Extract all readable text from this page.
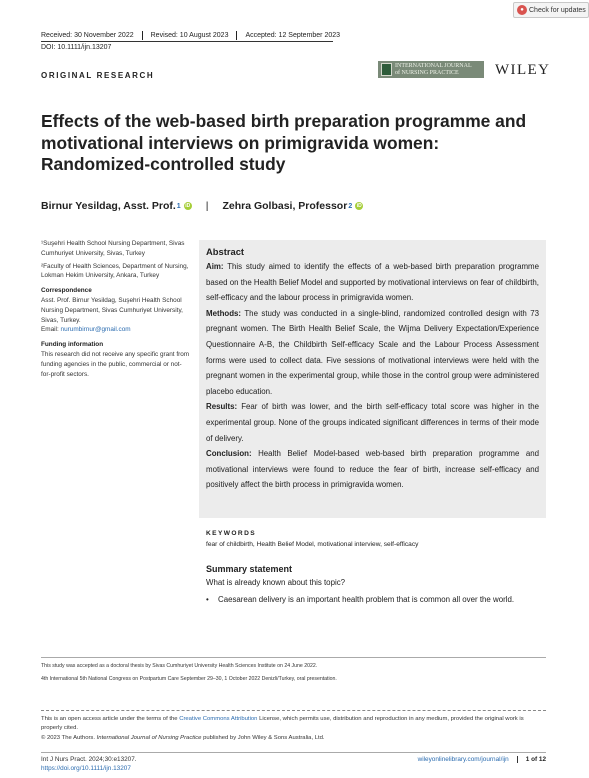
● Check for updates
Received: 30 November 2022	Revised: 10 August 2023	Accepted: 12 September 2023
DOI: 10.1111/ijn.13207
ORIGINAL RESEARCH
INTERNATIONAL JOURNAL
of NURSING PRACTICE	WILEY
Effects of the web-based birth preparation programme and motivational interviews on primigravida women: Randomized-controlled study
Birnur Yesildag, Asst. Prof. 1 iD | Zehra Golbasi, Professor 2 iD

¹Suşehri Health School Nursing Department, Sivas Cumhuriyet University, Sivas, Turkey

²Faculty of Health Sciences, Department of Nursing, Lokman Hekim University, Ankara, Turkey

Correspondence

Asst. Prof. Birnur Yesildag, Suşehri Health School Nursing Department, Sivas Cumhuriyet University, Sivas, Turkey.

Email: nurumbirnur@gmail.com

Funding information

This research did not receive any specific grant from funding agencies in the public, commercial or not-for-profit sectors.

Abstract

Aim: This study aimed to identify the effects of a web-based birth preparation programme based on the Health Belief Model and supported by motivational interviews on fear of childbirth, self-efficacy and the labour process in primigravida women.

Methods: The study was conducted in a single-blind, randomized controlled design with 73 pregnant women. The Birth Health Belief Scale, the Wijma Delivery Expectation/Experience Questionnaire A-B, the Childbirth Self-efficacy Scale and the Labour Process Assessment forms were used to collect data. Five sessions of motivational interviews were held with the pregnant women in the experimental group, while those in the control group were administered placebo education.

Results: Fear of birth was lower, and the birth self-efficacy total score was higher in the experimental group. None of the groups indicated significant differences in terms of their mode of delivery.

Conclusion: Health Belief Model-based web-based birth preparation programme and motivational interviews were found to reduce the fear of birth, increase self-efficacy and positively affect the birth process in primigravida women.

KEYWORDS
fear of childbirth, Health Belief Model, motivational interview, self-efficacy
Summary statement
What is already known about this topic?
•	Caesarean delivery is an important health problem that is common all over the world.

This study was accepted as a doctoral thesis by Sivas Cumhuriyet University Health Sciences Institute on 24 June 2022.
4th International 5th National Congress on Postpartum Care September 29–30, 1 October 2022 Denizli/Turkey, oral presentation.
This is an open access article under the terms of the Creative Commons Attribution License, which permits use, distribution and reproduction in any medium, provided the original work is properly cited.
© 2023 The Authors. International Journal of Nursing Practice published by John Wiley & Sons Australia, Ltd.
Int J Nurs Pract. 2024;30:e13207.
https://doi.org/10.1111/ijn.13207
wileyonlinelibrary.com/journal/ijn	1 of 12
